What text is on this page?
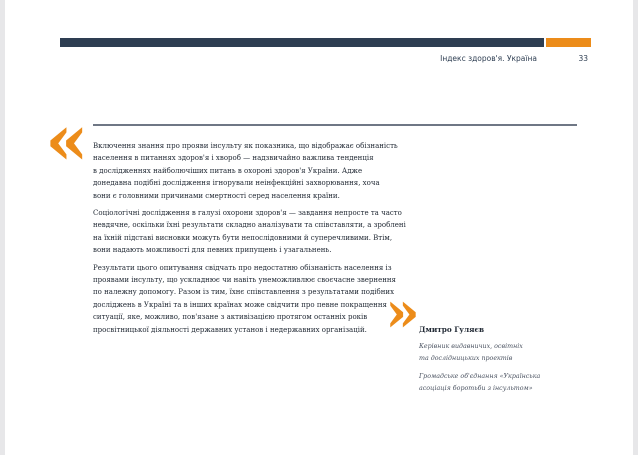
Індекс здоров'я. Україна	33
« Включення знання про прояви інсульту як показника, що відображає обізнаність
населення в питаннях здоров'я і хвороб — надзвичайно важлива тенденція
в дослідженнях найболючіших питань в охороні здоров'я України. Адже
донедавна подібні дослідження ігнорували неінфекційні захворювання, хоча
вони є головними причинами смертності серед населення країни.

Соціологічні дослідження в галузі охорони здоров'я — завдання непросте та часто
невдячне, оскільки їхні результати складно аналізувати та співставляти, а зроблені
на їхній підставі висновки можуть бути непослідовними й суперечливими. Втім,
вони надають можливості для певних припущень і узагальнень.

Результати цього опитування свідчать про недостатню обізнаність населення із
проявами інсульту, що ускладнює чи навіть унеможливлює своєчасне звернення
по належну допомогу. Разом із тим, їхнє співставлення з результатами подібних
досліджень в Україні та в інших країнах може свідчити про певне покращення
ситуації, яке, можливо, пов'язане з активізацією протягом останніх років
просвітницької діяльності державних установ і недержавних організацій. » Дмитро Гуляєв
Керівник видавничих, освітніх
та дослідницьких проектів
Громадське об'єднання «Українська
асоціація боротьби з інсультом»
